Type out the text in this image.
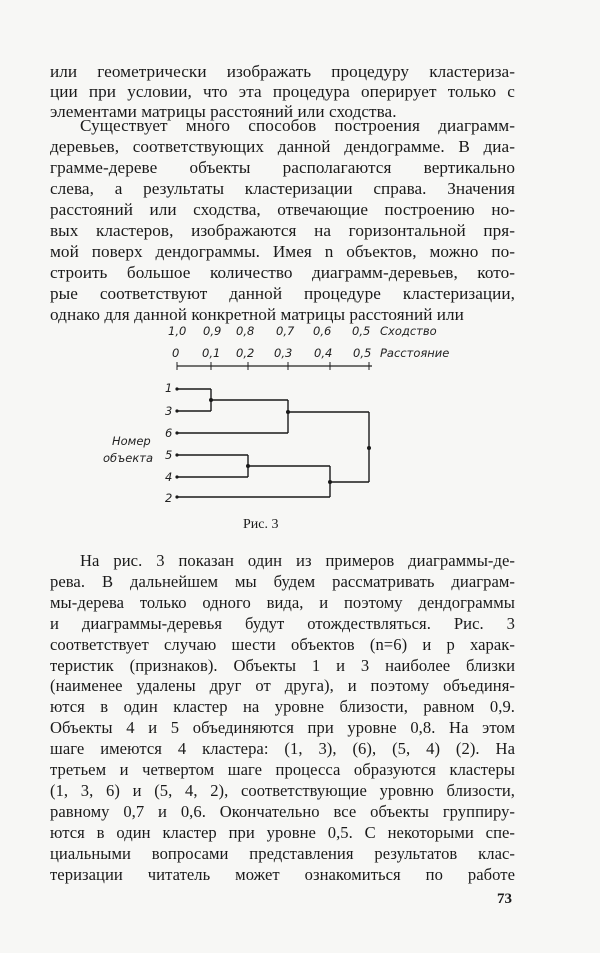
или геометрически изображать процедуру кластеризa-
ции при условии, что эта процедура оперирует только с
элементами матрицы расстояний или сходства.
Существует много способов построения диаграмм-
деревьев, соответствующих данной дендограмме. В диа-
грамме-дереве объекты располагаются вертикально
слева, а результаты кластеризации справа. Значения
расстояний или сходства, отвечающие построению но-
вых кластеров, изображаются на горизонтальной пря-
мой поверх дендограммы. Имея n объектов, можно по-
строить большое количество диаграмм-деревьев, кото-
рые соответствуют данной процедуре кластеризации,
однако для данной конкретной матрицы расстояний или
1,0 0,9 0,8 0,7 0,6 0,5 Сходство
0 0,1 0,2 0,3 0,4 0,5 Расстояние
1
3
6
5
4
2
Номер
объекта
Рис. 3
На рис. 3 показан один из примеров диаграммы-де-
рева. В дальнейшем мы будем рассматривать диаграм-
мы-дерева только одного вида, и поэтому дендограммы
и диаграммы-деревья будут отождествляться. Рис. 3
соответствует случаю шести объектов (n=6) и p харак-
теристик (признаков). Объекты 1 и 3 наиболее близки
(наименее удалены друг от друга), и поэтому объединя-
ются в один кластер на уровне близости, равном 0,9.
Объекты 4 и 5 объединяются при уровне 0,8. На этом
шаге имеются 4 кластера: (1, 3), (6), (5, 4) (2). На
третьем и четвертом шаге процесса образуются кластеры
(1, 3, 6) и (5, 4, 2), соответствующие уровню близости,
равному 0,7 и 0,6. Окончательно все объекты группиру-
ются в один кластер при уровне 0,5. С некоторыми спе-
циальными вопросами представления результатов клас-
теризации читатель может ознакомиться по работе
73
